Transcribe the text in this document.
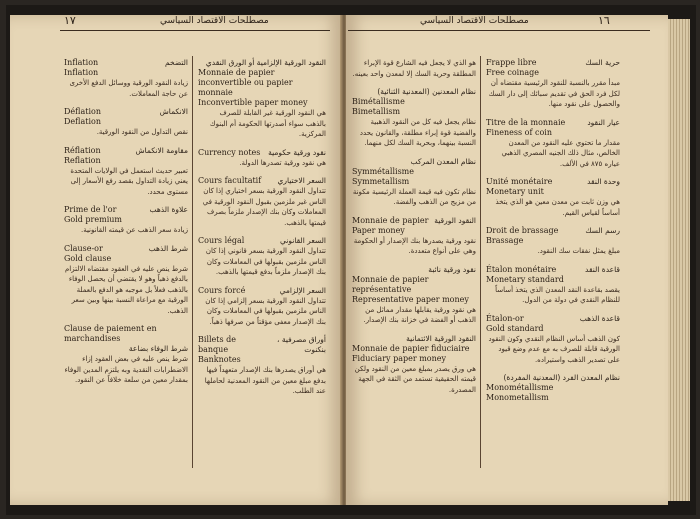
١٧	مصطلحات الاقتصاد السياسي	مصطلحات الاقتصاد السياسي	١٦
Inflation	التضخم
Inflation
زيادة النقود الورقية ووسائل الدفع الأخرى عن حاجة المعاملات.
Déflation	الانكماش
Deflation
نقص التداول من النقود الورقية.
Réflation	مقاومة الانكماش
Reflation
تعبير حديث استعمل في الولايات المتحدة يعني زيادة التداول بقصد رفع الأسعار إلى مستوى محدد.
Prime de l'or	علاوة الذهب
Gold premium
زيادة سعر الذهب عن قيمته القانونية.
Clause-or	شرط الذهب
Gold clause
شرط ينص عليه في العقود مقتضاه الالتزام بالدفع ذهباً وهو لا يقتضي أن يحصل الوفاء بالذهب فعلاً بل موجبه هو الدفع بالعملة الورقية مع مراعاة النسبة بينها وبين سعر الذهب.
Clause de paiement en marchandises
شرط الوفاء بضاعة
شرط ينص عليه في بعض العقود إزاء الاضطرابات النقدية وبه يلتزم المدين الوفاء بمقدار معين من سلعة خلافاً عن النقود.
النقود الورقية الإلزامية أو الورق النقدي
Monnaie de papier inconvertible ou papier monnaie
Inconvertible paper money
هي النقود الورقية غير القابلة للصرف بالذهب سواء أصدرتها الحكومة أم البنوك المركزية.
Currency notes نقود ورقية حكومية
هي نقود ورقية تصدرها الدولة.
Cours facultatif السعر الاختياري
تتداول النقود الورقية بسعر اختياري إذا كان الناس غير ملزمين بقبول النقود الورقية في المعاملات وكان بنك الإصدار ملزماً بصرف قيمتها بالذهب.
Cours légal	السعر القانوني
تتداول النقود الورقية بسعر قانوني إذا كان الناس ملزمين بقبولها في المعاملات وكان بنك الإصدار ملزماً بدفع قيمتها بالذهب.
Cours forcé	السعر الإلزامي
تتداول النقود الورقية بسعر إلزامي إذا كان الناس ملزمين بقبولها في المعاملات وكان بنك الإصدار معفى مؤقتاً من صرفها ذهباً.
Billets de banque
أوراق مصرفية ، بنكنوت
Banknotes
هي أوراق يصدرها بنك الإصدار متعهداً فيها بدفع مبلغ معين من النقود المعدنية لحاملها عند الطلب.
هو الذي لا يجعل فيه الشارع قوة الإبراء المطلقة وحرية السك إلا لمعدن واحد بعينه.
نظام المعدنين (المعدنية الثنائية)
Bimétallisme
Bimetallism
نظام يجعل فيه كل من النقود الذهبية والفضية قوة إبراء مطلقة، والقانون يحدد النسبة بينهما، وبحرية السك لكل منهما.
نظام المعدن المركب
Symmétallisme
Symmetallism
نظام تكون فيه قيمة العملة الرئيسية مكونة من مزيج من الذهب والفضة.
Monnaie de papier النقود الورقية
Paper money
نقود ورقية يصدرها بنك الإصدار أو الحكومة وهي على أنواع متعددة.
نقود ورقية نائبة
Monnaie de papier représentative
Representative paper money
هي نقود ورقية يقابلها مقدار مماثل من الذهب أو الفضة في خزانة بنك الإصدار.
النقود الورقية الائتمانية
Monnaie de papier fiduciaire
Fiduciary paper money
هي ورق يصدر بمبلغ معين من النقود ولكن قيمته الحقيقية تستمد من الثقة في الجهة المصدرة.
Frappe libre	حرية السك
Free coinage
مبدأ مقرر بالنسبة للنقود الرئيسية مقتضاه أن لكل فرد الحق في تقديم سبائك إلى دار السك والحصول على نقود منها.
Titre de la monnaie	عيار النقود
Fineness of coin
مقدار ما تحتوي عليه النقود من المعدن الخالص، مثال ذلك الجنيه المصري الذهبي عياره ٨٧٥ في الألف.
Unité monétaire	وحدة النقد
Monetary unit
هي وزن ثابت من معدن معين هو الذي يتخذ أساساً لقياس القيم.
Droit de brassage	رسم السك
Brassage
مبلغ يمثل نفقات سك النقود.
Étalon monétaire	قاعدة النقد
Monetary standard
يقصد بقاعدة النقد المعدن الذي يتخذ أساساً للنظام النقدي في دولة من الدول.
Étalon-or	قاعدة الذهب
Gold standard
كون الذهب أساس النظام النقدي وكون النقود الورقية قابلة للصرف به مع عدم وضع قيود على تصدير الذهب واستيراده.
نظام المعدن الفرد (المعدنية المفردة)
Monométallisme
Monometallism
